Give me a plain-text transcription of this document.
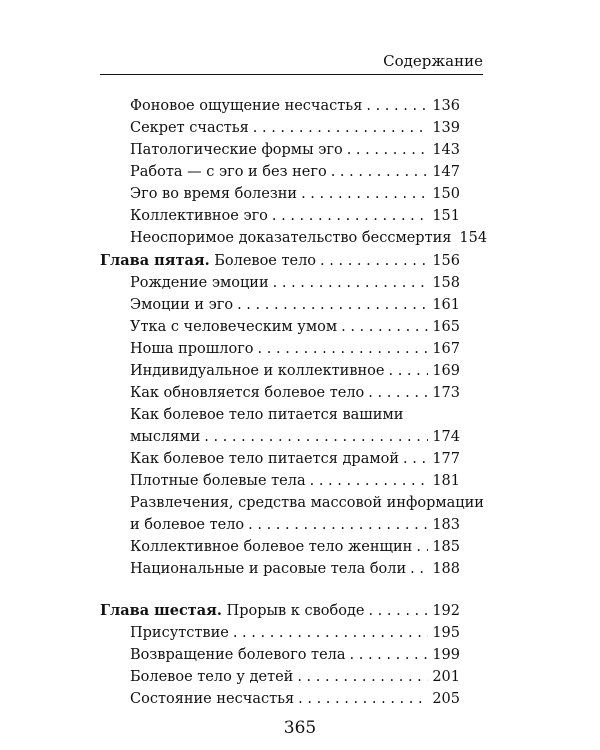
Содержание
Фоновое ощущение несчастья . . .	136
Секрет счастья . . .	139
Патологические формы эго . . .	143
Работа — с эго и без него . . .	147
Эго во время болезни . . .	150
Коллективное эго . . .	151
Неоспоримое доказательство бессмертия 154
Глава пятая. Болевое тело . . .	156
Рождение эмоции . . .	158
Эмоции и эго . . .	161
Утка с человеческим умом . . .	165
Ноша прошлого . . .	167
Индивидуальное и коллективное . . .	169
Как обновляется болевое тело . . .	173
Как болевое тело питается вашими
мыслями . . .	174
Как болевое тело питается драмой . . . 177
Плотные болевые тела . . .	181
Развлечения, средства массовой информации
и болевое тело . . .	183
Коллективное болевое тело женщин . . . 185
Национальные и расовые тела боли . . . 188
Глава шестая. Прорыв к свободе . . .	192
Присутствие . . .	195
Возвращение болевого тела . . .	199
Болевое тело у детей . . .	201
Состояние несчастья . . .	205
365
